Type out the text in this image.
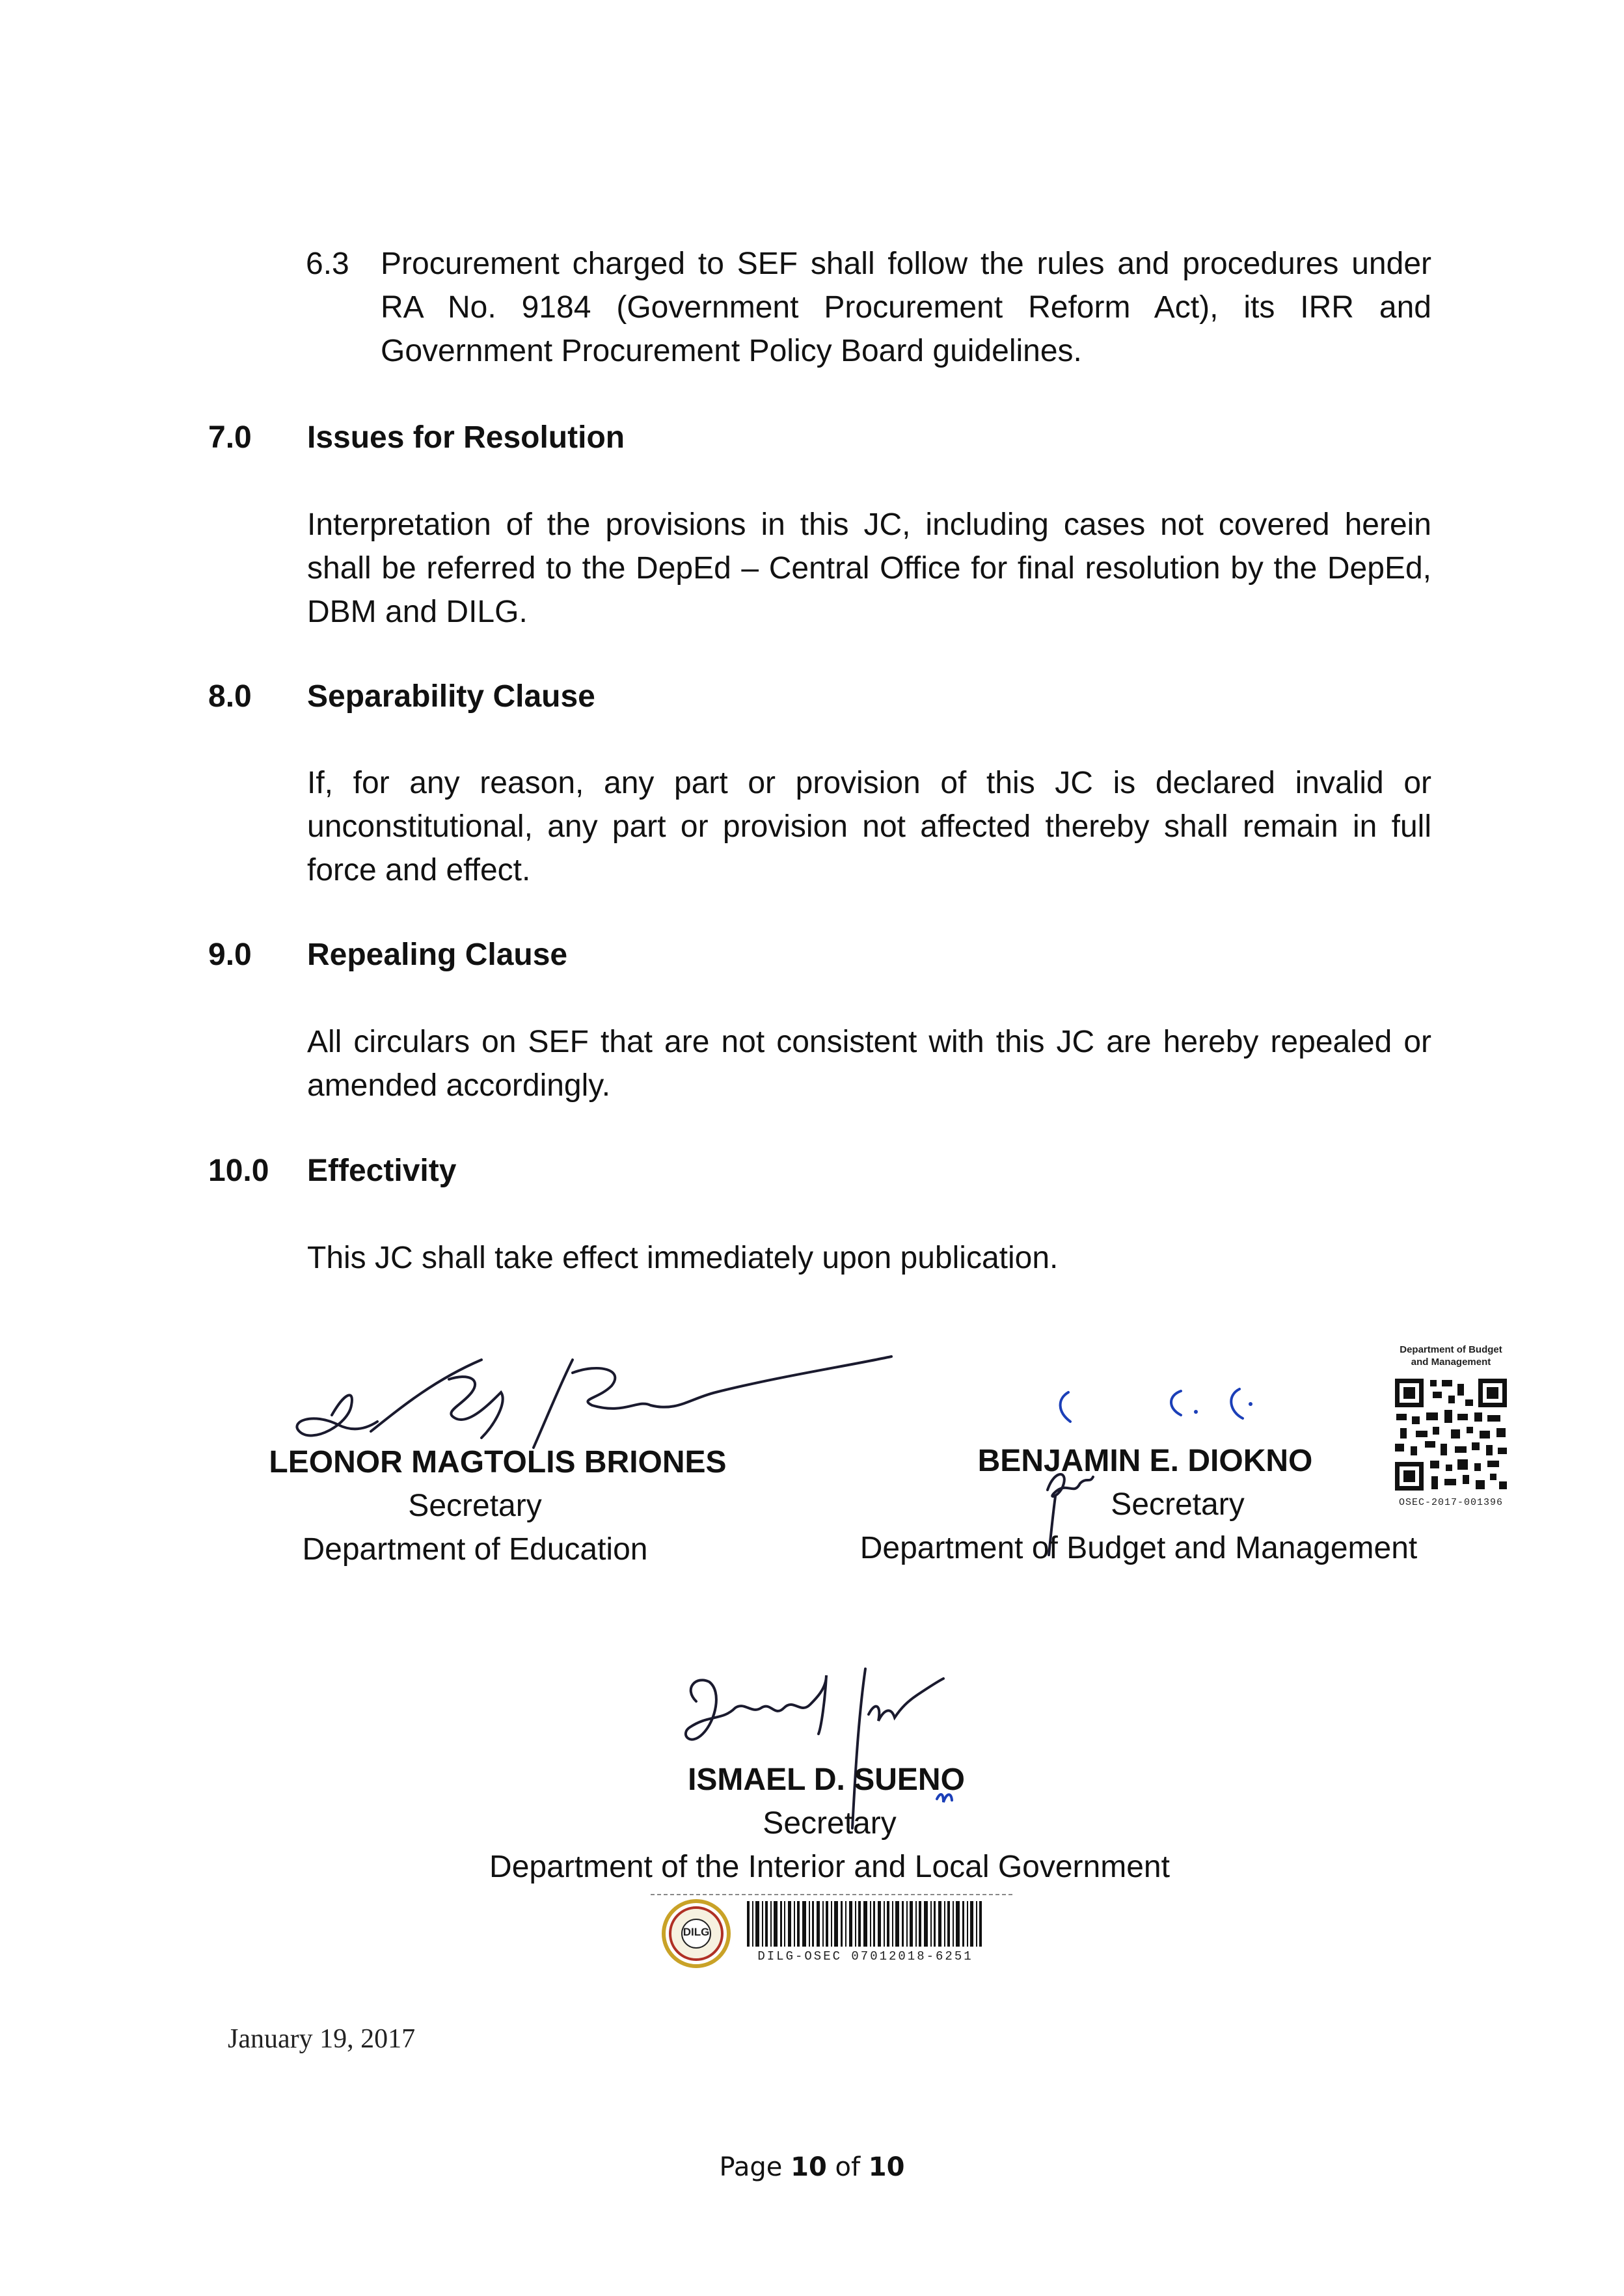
6.3	Procurement charged to SEF shall follow the rules and procedures under RA No. 9184 (Government Procurement Reform Act), its IRR and Government Procurement Policy Board guidelines.
7.0 Issues for Resolution
Interpretation of the provisions in this JC, including cases not covered herein shall be referred to the DepEd – Central Office for final resolution by the DepEd, DBM and DILG.
8.0 Separability Clause
If, for any reason, any part or provision of this JC is declared invalid or unconstitutional, any part or provision not affected thereby shall remain in full force and effect.
9.0 Repealing Clause
All circulars on SEF that are not consistent with this JC are hereby repealed or amended accordingly.
10.0 Effectivity
This JC shall take effect immediately upon publication.
LEONOR MAGTOLIS BRIONES
Secretary
Department of Education
BENJAMIN E. DIOKNO
Secretary
Department of Budget and Management
Department of Budget
and Management
OSEC-2017-001396
ISMAEL D. SUENO
Secretary
Department of the Interior and Local Government
DILG
DILG-OSEC 07012018-6251
January 19, 2017
Page 10 of 10
